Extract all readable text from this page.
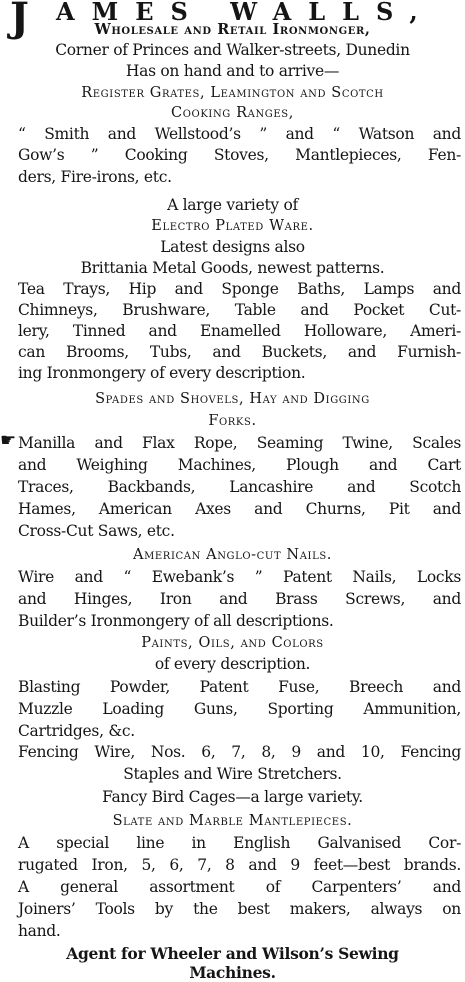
J AMES WALLS,

Wholesale and Retail Ironmonger,

Corner of Princes and Walker-streets, Dunedin

Has on hand and to arrive—

Register Grates, Leamington and Scotch

Cooking Ranges,

“ Smith and Wellstood’s ” and “ Watson and

Gow’s ” Cooking Stoves, Mantlepieces, Fen-

ders, Fire-irons, etc.

A large variety of

Electro Plated Ware.

Latest designs also

Brittania Metal Goods, newest patterns.

Tea Trays, Hip and Sponge Baths, Lamps and

Chimneys, Brushware, Table and Pocket Cut-

lery, Tinned and Enamelled Holloware, Ameri-

can Brooms, Tubs, and Buckets, and Furnish-

ing Ironmongery of every description.

Spades and Shovels, Hay and Digging

Forks.

☛ Manilla and Flax Rope, Seaming Twine, Scales

and Weighing Machines, Plough and Cart

Traces, Backbands, Lancashire and Scotch

Hames, American Axes and Churns, Pit and

Cross-Cut Saws, etc.

American Anglo-cut Nails.

Wire and “ Ewebank’s ” Patent Nails, Locks

and Hinges, Iron and Brass Screws, and

Builder’s Ironmongery of all descriptions.

Paints, Oils, and Colors

of every description.

Blasting Powder, Patent Fuse, Breech and

Muzzle Loading Guns, Sporting Ammunition,

Cartridges, &c.

Fencing Wire, Nos. 6, 7, 8, 9 and 10, Fencing

Staples and Wire Stretchers.

Fancy Bird Cages—a large variety.

Slate and Marble Mantlepieces.

A special line in English Galvanised Cor-

rugated Iron, 5, 6, 7, 8 and 9 feet—best brands.

A general assortment of Carpenters’ and

Joiners’ Tools by the best makers, always on

hand.

Agent for Wheeler and Wilson’s Sewing

Machines.
